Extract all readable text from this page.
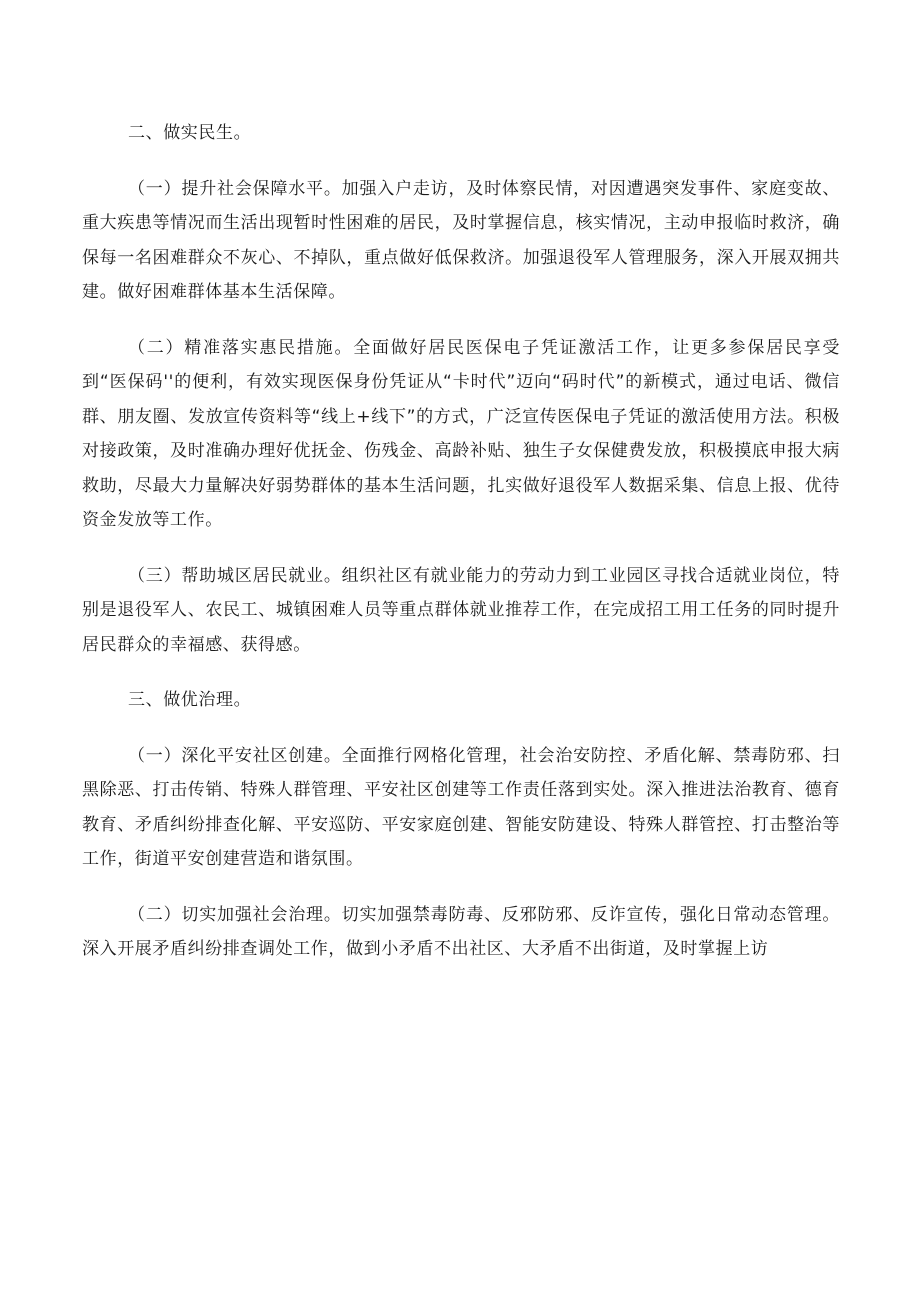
二、做实民生。

（一）提升社会保障水平。加强入户走访，及时体察民情，对因遭遇突发事件、家庭变故、重大疾患等情况而生活出现暂时性困难的居民，及时掌握信息，核实情况，主动申报临时救济，确保每一名困难群众不灰心、不掉队，重点做好低保救济。加强退役军人管理服务，深入开展双拥共建。做好困难群体基本生活保障。

（二）精准落实惠民措施。全面做好居民医保电子凭证激活工作，让更多参保居民享受到“医保码''的便利，有效实现医保身份凭证从“卡时代”迈向“码时代”的新模式，通过电话、微信群、朋友圈、发放宣传资料等“线上+线下”的方式，广泛宣传医保电子凭证的激活使用方法。积极对接政策，及时准确办理好优抚金、伤残金、高龄补贴、独生子女保健费发放，积极摸底申报大病救助，尽最大力量解决好弱势群体的基本生活问题，扎实做好退役军人数据采集、信息上报、优待资金发放等工作。

（三）帮助城区居民就业。组织社区有就业能力的劳动力到工业园区寻找合适就业岗位，特别是退役军人、农民工、城镇困难人员等重点群体就业推荐工作，在完成招工用工任务的同时提升居民群众的幸福感、获得感。

三、做优治理。

（一）深化平安社区创建。全面推行网格化管理，社会治安防控、矛盾化解、禁毒防邪、扫黑除恶、打击传销、特殊人群管理、平安社区创建等工作责任落到实处。深入推进法治教育、德育教育、矛盾纠纷排查化解、平安巡防、平安家庭创建、智能安防建设、特殊人群管控、打击整治等工作，街道平安创建营造和谐氛围。

（二）切实加强社会治理。切实加强禁毒防毒、反邪防邪、反诈宣传，强化日常动态管理。深入开展矛盾纠纷排查调处工作，做到小矛盾不出社区、大矛盾不出街道，及时掌握上访
